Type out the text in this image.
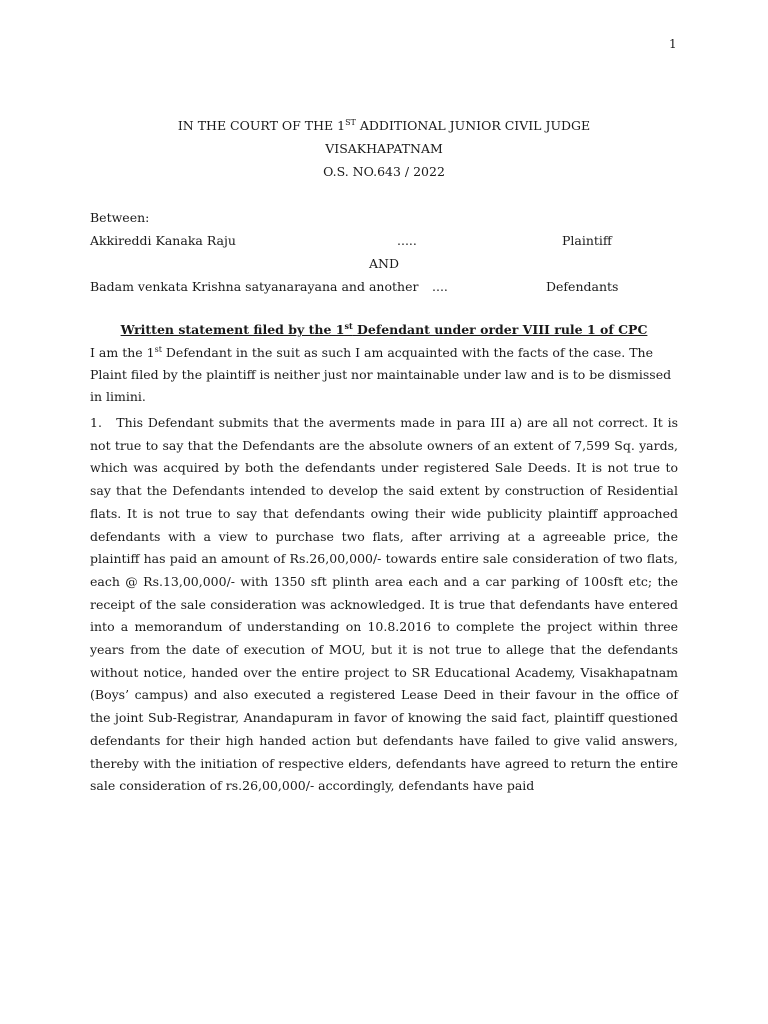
1
IN THE COURT OF THE 1ST ADDITIONAL JUNIOR CIVIL JUDGE
VISAKHAPATNAM
O.S. NO.643 / 2022
Between:
Akkireddi Kanaka Raju	.....	Plaintiff
AND
Badam venkata Krishna satyanarayana and another ....	Defendants
Written statement filed by the 1st Defendant under order VIII rule 1 of CPC
I am the 1st Defendant in the suit as such I am acquainted with the facts of the case. The Plaint filed by the plaintiff is neither just nor maintainable under law and is to be dismissed in limini.
1.   This Defendant submits that the averments made in para III a) are all not correct. It is not true to say that the Defendants are the absolute owners of an extent of 7,599 Sq. yards, which was acquired by both the defendants under registered Sale Deeds. It is not true to say that the Defendants intended to develop the said extent by construction of Residential flats. It is not true to say that defendants owing their wide publicity plaintiff approached defendants with a view to purchase two flats, after arriving at a agreeable price, the plaintiff has paid an amount of Rs.26,00,000/- towards entire sale consideration of two flats, each @ Rs.13,00,000/- with 1350 sft plinth area each and a car parking of 100sft etc; the receipt of the sale consideration was acknowledged. It is true that defendants have entered into a memorandum of understanding on 10.8.2016 to complete the project within three years from the date of execution of MOU, but it is not true to allege that the defendants without notice, handed over the entire project to SR Educational Academy, Visakhapatnam (Boys’ campus) and also executed a registered Lease Deed in their favour in the office of the joint Sub-Registrar, Anandapuram in favor of knowing the said fact, plaintiff questioned defendants for their high handed action but defendants have failed to give valid answers, thereby with the initiation of respective elders, defendants have agreed to return the entire sale consideration of rs.26,00,000/- accordingly, defendants have paid
